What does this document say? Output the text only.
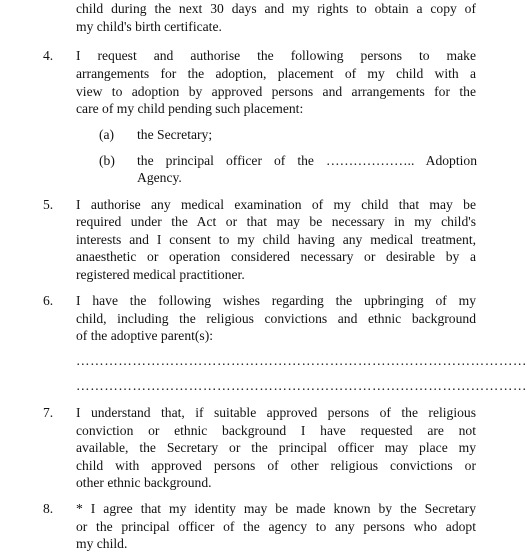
child during the next 30 days and my rights to obtain a copy of
my child's birth certificate.
4. I request and authorise the following persons to make
arrangements for the adoption, placement of my child with a
view to adoption by approved persons and arrangements for the
care of my child pending such placement:
(a) the Secretary;
(b) the principal officer of the ……………….. Adoption
Agency.
5. I authorise any medical examination of my child that may be
required under the Act or that may be necessary in my child's
interests and I consent to my child having any medical treatment,
anaesthetic or operation considered necessary or desirable by a
registered medical practitioner.
6. I have the following wishes regarding the upbringing of my
child, including the religious convictions and ethnic background
of the adoptive parent(s):
……………………………………………………………………………………
……………………………………………………………………………………
7. I understand that, if suitable approved persons of the religious
conviction or ethnic background I have requested are not
available, the Secretary or the principal officer may place my
child with approved persons of other religious convictions or
other ethnic background.
8. * I agree that my identity may be made known by the Secretary
or the principal officer of the agency to any persons who adopt
my child.
